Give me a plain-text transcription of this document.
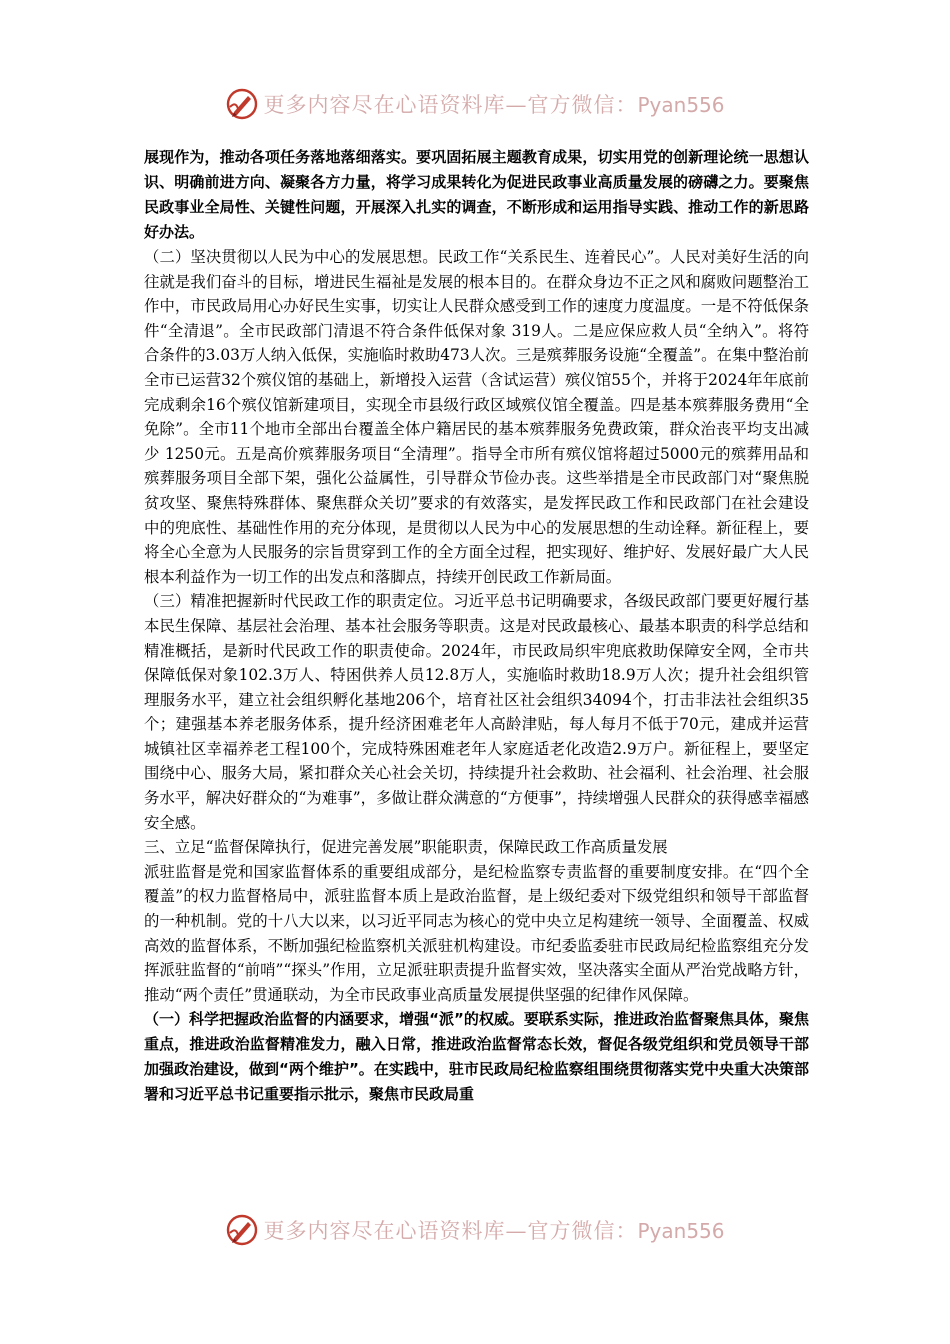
更多内容尽在心语资料库—官方微信：Pyan556

展现作为，推动各项任务落地落细落实。要巩固拓展主题教育成果，切实用党的创新理论统一思想认识、明确前进方向、凝聚各方力量，将学习成果转化为促进民政事业高质量发展的磅礴之力。要聚焦民政事业全局性、关键性问题，开展深入扎实的调查，不断形成和运用指导实践、推动工作的新思路好办法。

（二）坚决贯彻以人民为中心的发展思想。民政工作“关系民生、连着民心”。人民对美好生活的向往就是我们奋斗的目标，增进民生福祉是发展的根本目的。在群众身边不正之风和腐败问题整治工作中，市民政局用心办好民生实事，切实让人民群众感受到工作的速度力度温度。一是不符低保条件“全清退”。全市民政部门清退不符合条件低保对象 319人。二是应保应救人员“全纳入”。将符合条件的3.03万人纳入低保，实施临时救助473人次。三是殡葬服务设施“全覆盖”。在集中整治前全市已运营32个殡仪馆的基础上，新增投入运营（含试运营）殡仪馆55个，并将于2024年年底前完成剩余16个殡仪馆新建项目，实现全市县级行政区域殡仪馆全覆盖。四是基本殡葬服务费用“全免除”。全市11个地市全部出台覆盖全体户籍居民的基本殡葬服务免费政策，群众治丧平均支出减少 1250元。五是高价殡葬服务项目“全清理”。指导全市所有殡仪馆将超过5000元的殡葬用品和殡葬服务项目全部下架，强化公益属性，引导群众节俭办丧。这些举措是全市民政部门对“聚焦脱贫攻坚、聚焦特殊群体、聚焦群众关切”要求的有效落实，是发挥民政工作和民政部门在社会建设中的兜底性、基础性作用的充分体现，是贯彻以人民为中心的发展思想的生动诠释。新征程上，要将全心全意为人民服务的宗旨贯穿到工作的全方面全过程，把实现好、维护好、发展好最广大人民根本利益作为一切工作的出发点和落脚点，持续开创民政工作新局面。

（三）精准把握新时代民政工作的职责定位。习近平总书记明确要求，各级民政部门要更好履行基本民生保障、基层社会治理、基本社会服务等职责。这是对民政最核心、最基本职责的科学总结和精准概括，是新时代民政工作的职责使命。2024年，市民政局织牢兜底救助保障安全网，全市共保障低保对象102.3万人、特困供养人员12.8万人，实施临时救助18.9万人次；提升社会组织管理服务水平，建立社会组织孵化基地206个，培育社区社会组织34094个，打击非法社会组织35个；建强基本养老服务体系，提升经济困难老年人高龄津贴，每人每月不低于70元，建成并运营城镇社区幸福养老工程100个，完成特殊困难老年人家庭适老化改造2.9万户。新征程上，要坚定围绕中心、服务大局，紧扣群众关心社会关切，持续提升社会救助、社会福利、社会治理、社会服务水平，解决好群众的“为难事”，多做让群众满意的“方便事”，持续增强人民群众的获得感幸福感安全感。

三、立足“监督保障执行，促进完善发展”职能职责，保障民政工作高质量发展

派驻监督是党和国家监督体系的重要组成部分，是纪检监察专责监督的重要制度安排。在“四个全覆盖”的权力监督格局中，派驻监督本质上是政治监督，是上级纪委对下级党组织和领导干部监督的一种机制。党的十八大以来，以习近平同志为核心的党中央立足构建统一领导、全面覆盖、权威高效的监督体系，不断加强纪检监察机关派驻机构建设。市纪委监委驻市民政局纪检监察组充分发挥派驻监督的“前哨”“探头”作用，立足派驻职责提升监督实效，坚决落实全面从严治党战略方针，推动“两个责任”贯通联动，为全市民政事业高质量发展提供坚强的纪律作风保障。

（一）科学把握政治监督的内涵要求，增强“派”的权威。要联系实际，推进政治监督聚焦具体，聚焦重点，推进政治监督精准发力，融入日常，推进政治监督常态长效，督促各级党组织和党员领导干部加强政治建设，做到“两个维护”。在实践中，驻市民政局纪检监察组围绕贯彻落实党中央重大决策部署和习近平总书记重要指示批示，聚焦市民政局重

更多内容尽在心语资料库—官方微信：Pyan556
